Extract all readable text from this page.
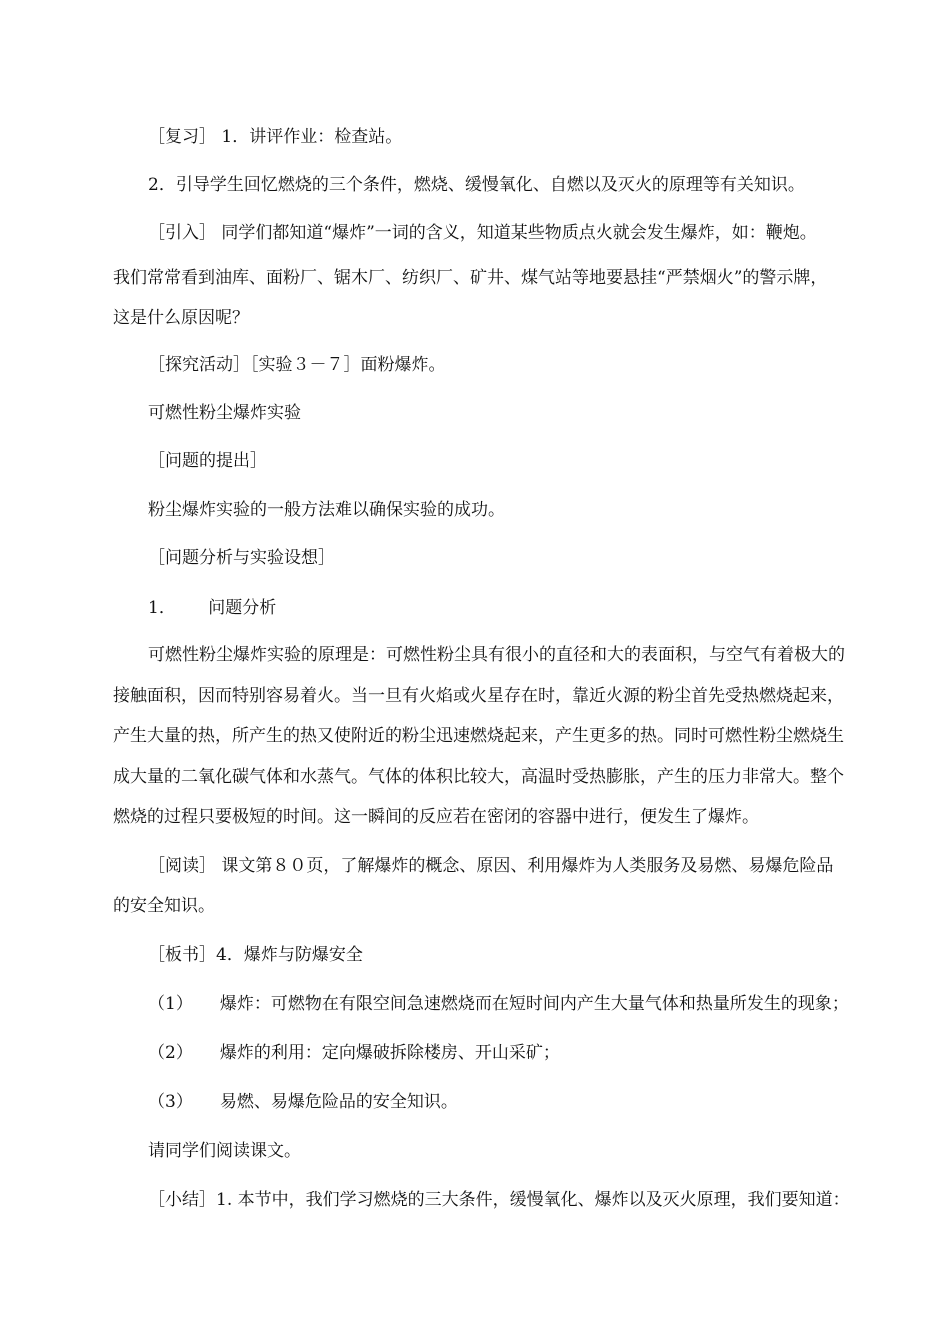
［复习］ 1．讲评作业：检查站。
2．引导学生回忆燃烧的三个条件，燃烧、缓慢氧化、自燃以及灭火的原理等有关知识。
［引入］ 同学们都知道“爆炸”一词的含义，知道某些物质点火就会发生爆炸，如：鞭炮。
我们常常看到油库、面粉厂、锯木厂、纺织厂、矿井、煤气站等地要悬挂“严禁烟火”的警示牌，
这是什么原因呢？
［探究活动］［实验３－７］面粉爆炸。
可燃性粉尘爆炸实验
［问题的提出］
粉尘爆炸实验的一般方法难以确保实验的成功。
［问题分析与实验设想］
1．      问题分析
可燃性粉尘爆炸实验的原理是：可燃性粉尘具有很小的直径和大的表面积，与空气有着极大的
接触面积，因而特别容易着火。当一旦有火焰或火星存在时，靠近火源的粉尘首先受热燃烧起来，
产生大量的热，所产生的热又使附近的粉尘迅速燃烧起来，产生更多的热。同时可燃性粉尘燃烧生
成大量的二氧化碳气体和水蒸气。气体的体积比较大，高温时受热膨胀，产生的压力非常大。整个
燃烧的过程只要极短的时间。这一瞬间的反应若在密闭的容器中进行，便发生了爆炸。
［阅读］ 课文第８０页，了解爆炸的概念、原因、利用爆炸为人类服务及易燃、易爆危险品
的安全知识。
［板书］4．爆炸与防爆安全
（1）     爆炸：可燃物在有限空间急速燃烧而在短时间内产生大量气体和热量所发生的现象；
（2）     爆炸的利用：定向爆破拆除楼房、开山采矿；
（3）     易燃、易爆危险品的安全知识。
请同学们阅读课文。
［小结］1. 本节中，我们学习燃烧的三大条件，缓慢氧化、爆炸以及灭火原理，我们要知道：
